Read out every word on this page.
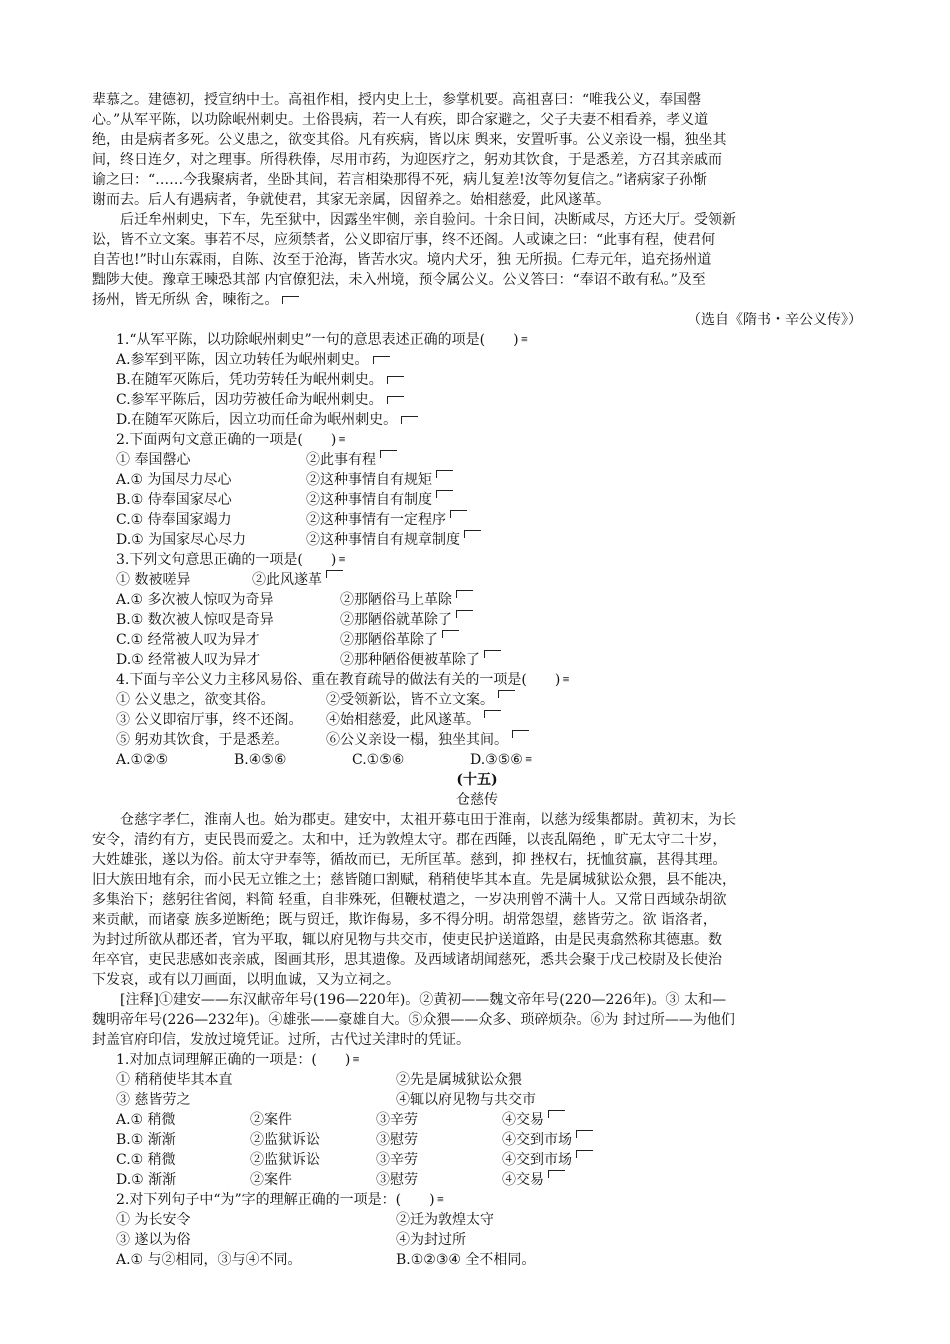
辈慕之。建德初，授宣纳中士。高祖作相，授内史上士，参掌机要。高祖喜曰：“唯我公义，奉国罄
心。”从军平陈，以功除岷州刺史。土俗畏病，若一人有疾，即合家避之，父子夫妻不相看养，孝义道
绝，由是病者多死。公义患之，欲变其俗。凡有疾病，皆以床 舆来，安置听事。公义亲设一榻，独坐其
间，终日连夕，对之理事。所得秩俸，尽用市药，为迎医疗之，躬劝其饮食，于是悉差，方召其亲戚而
谕之曰：“……今我聚病者，坐卧其间，若言相染那得不死，病儿复差!汝等勿复信之。”诸病家子孙惭
谢而去。后人有遇病者，争就使君，其家无亲属，因留养之。始相慈爱，此风遂革。
后迁牟州刺史，下车，先至狱中，因露坐牢侧，亲自验问。十余日间，决断咸尽，方还大厅。受领新
讼，皆不立文案。事若不尽，应须禁者，公义即宿厅事，终不还阁。人或谏之曰：“此事有程，使君何
自苦也!”时山东霖雨，自陈、汝至于沧海，皆苦水灾。境内犬牙，独 无所损。仁寿元年，追充扬州道
黜陟大使。豫章王暕恐其部 内官僚犯法，未入州境，预令属公义。公义答曰：“奉诏不敢有私。”及至
扬州，皆无所纵 舍，暕衔之。
（选自《隋书・辛公义传》）
1.“从军平陈，以功除岷州刺史”一句的意思表述正确的项是(　　) ≡
A.参军到平陈，因立功转任为岷州刺史。
B.在随军灭陈后，凭功劳转任为岷州刺史。
C.参军平陈后，因功劳被任命为岷州刺史。
D.在随军灭陈后，因立功而任命为岷州刺史。
2.下面两句文意正确的一项是(　　) ≡
① 奉国罄心	②此事有程
A.① 为国尽力尽心	②这种事情自有规矩
B.① 侍奉国家尽心	②这种事情自有制度
C.① 侍奉国家竭力	②这种事情有一定程序
D.① 为国家尽心尽力	②这种事情自有规章制度
3.下列文句意思正确的一项是(　　) ≡
① 数被嗟异	②此风遂革
A.① 多次被人惊叹为奇异	②那陋俗马上革除
B.① 数次被人惊叹是奇异	②那陋俗就革除了
C.① 经常被人叹为异才	②那陋俗革除了
D.① 经常被人叹为异才	②那种陋俗便被革除了
4.下面与辛公义力主移风易俗、重在教育疏导的做法有关的一项是(　　) ≡
① 公义患之，欲变其俗。	②受领新讼，皆不立文案。
③ 公义即宿厅事，终不还阁。	④始相慈爱，此风遂革。
⑤ 躬劝其饮食，于是悉差。	⑥公义亲设一榻，独坐其间。
A.①②⑤	B.④⑤⑥	C.①⑤⑥	D.③⑤⑥ ≡
(十五)
仓慈传
仓慈字孝仁，淮南人也。始为郡吏。建安中，太祖开募屯田于淮南，以慈为绥集都尉。黄初末，为长
安令，清约有方，吏民畏而爱之。太和中，迁为敦煌太守。郡在西陲，以丧乱隔绝 ，旷无太守二十岁，
大姓雄张，遂以为俗。前太守尹奉等，循故而已，无所匡革。慈到，抑 挫权右，抚恤贫羸，甚得其理。
旧大族田地有余，而小民无立锥之土；慈皆随口割赋，稍稍使毕其本直。先是属城狱讼众猥，县不能决，
多集治下；慈躬往省阅，料简 轻重，自非殊死，但鞭杖遣之，一岁决刑曾不满十人。又常日西域杂胡欲
来贡献，而诸豪 族多逆断绝；既与贸迁，欺诈侮易，多不得分明。胡常怨望，慈皆劳之。欲 诣洛者，
为封过所欲从郡还者，官为平取，辄以府见物与共交市，使吏民护送道路，由是民夷翕然称其德惠。数
年卒官，吏民悲感如丧亲戚，图画其形，思其遗像。及西域诸胡闻慈死，悉共会聚于戊己校尉及长使治
下发哀，或有以刀画面，以明血诚，又为立祠之。
[注释]①建安——东汉献帝年号(196—220年)。②黄初——魏文帝年号(220—226年)。③ 太和—
魏明帝年号(226—232年)。④雄张——豪雄自大。⑤众猥——众多、琐碎烦杂。⑥为 封过所——为他们
封盖官府印信，发放过境凭证。过所，古代过关津时的凭证。
1.对加点词理解正确的一项是：(　　) ≡
① 稍稍使毕其本直	②先是属城狱讼众猥
③ 慈皆劳之	④辄以府见物与共交市
A.① 稍微	②案件	③辛劳	④交易
B.① 渐渐	②监狱诉讼	③慰劳	④交到市场
C.① 稍微	②监狱诉讼	③辛劳	④交到市场
D.① 渐渐	②案件	③慰劳	④交易
2.对下列句子中“为”字的理解正确的一项是：(　　) ≡
① 为长安令	②迁为敦煌太守
③ 遂以为俗	④为封过所
A.① 与②相同，③与④不同。	B.①②③④ 全不相同。
